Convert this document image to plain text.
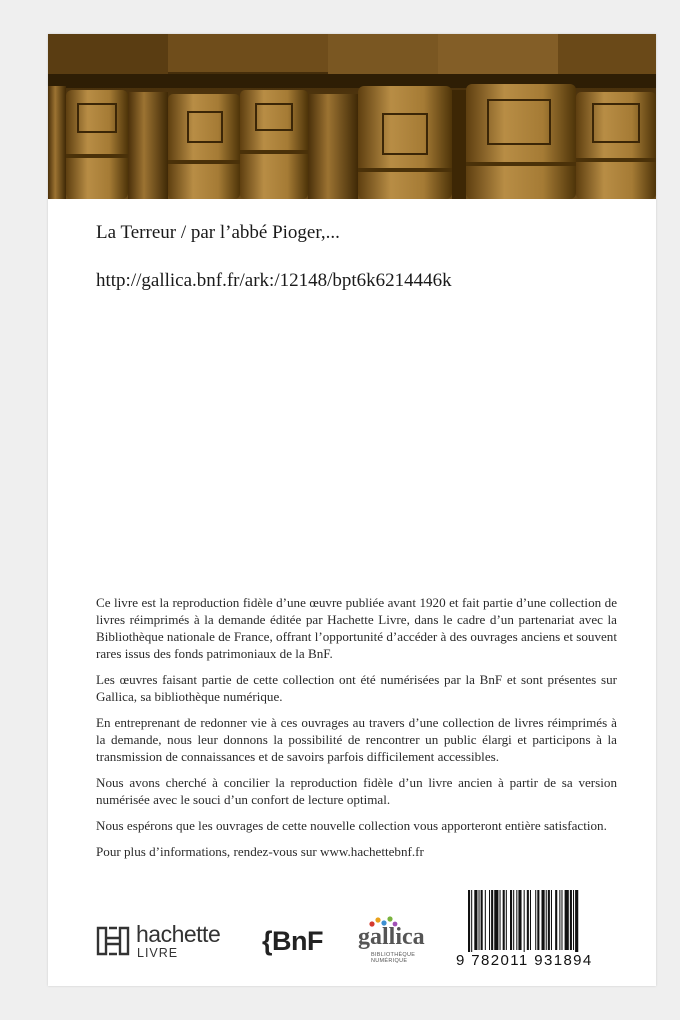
La Terreur / par l’abbé Pioger,...
http://gallica.bnf.fr/ark:/12148/bpt6k6214446k

Ce livre est la reproduction fidèle d’une œuvre publiée avant 1920 et fait partie d’une collection de livres réimprimés à la demande éditée par Hachette Livre, dans le cadre d’un partenariat avec la Bibliothèque nationale de France, offrant l’opportunité d’accéder à des ouvrages anciens et souvent rares issus des fonds patrimoniaux de la BnF.

Les œuvres faisant partie de cette collection ont été numérisées par la BnF et sont présentes sur Gallica, sa bibliothèque numérique.

En entreprenant de redonner vie à ces ouvrages au travers d’une collection de livres réimprimés à la demande, nous leur donnons la possibilité de rencontrer un public élargi et participons à la transmission de connaissances et de savoirs parfois difficilement accessibles.

Nous avons cherché à concilier la reproduction fidèle d’un livre ancien à partir de sa version numérisée avec le souci d’un confort de lecture optimal.

Nous espérons que les ouvrages de cette nouvelle collection vous apporteront entière satisfaction.

Pour plus d’informations, rendez-vous sur www.hachettebnf.fr

hachette
LIVRE	{BnF gallica
BIBLIOTHÈQUE
NUMÉRIQUE	9 782011 931894
